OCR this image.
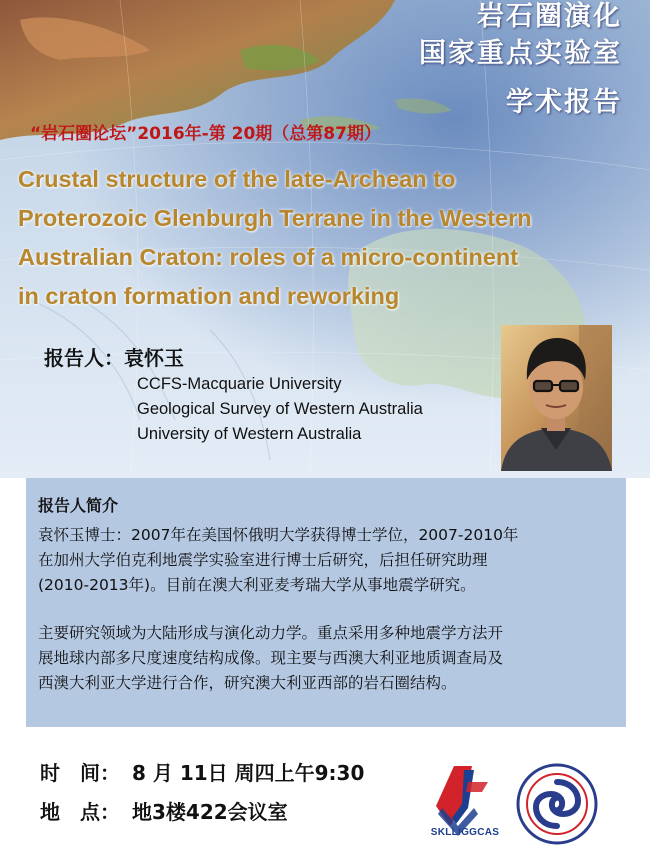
岩石圈演化
国家重点实验室
学术报告
“岩石圈论坛”2016年-第 20期（总第87期）
Crustal structure of the late-Archean to
Proterozoic Glenburgh Terrane in the Western
Australian Craton: roles of a micro-continent
in craton formation and reworking
报告人：袁怀玉
CCFS-Macquarie University
Geological Survey of Western Australia
University of Western Australia
报告人简介

袁怀玉博士：2007年在美国怀俄明大学获得博士学位，2007-2010年
在加州大学伯克利地震学实验室进行博士后研究，后担任研究助理
(2010-2013年)。目前在澳大利亚麦考瑞大学从事地震学研究。

主要研究领域为大陆形成与演化动力学。重点采用多种地震学方法开
展地球内部多尺度速度结构成像。现主要与西澳大利亚地质调查局及
西澳大利亚大学进行合作，研究澳大利亚西部的岩石圈结构。

时　间： 8 月 11日 周四上午9:30
地　点： 地3楼422会议室
SKLLIGGCAS
